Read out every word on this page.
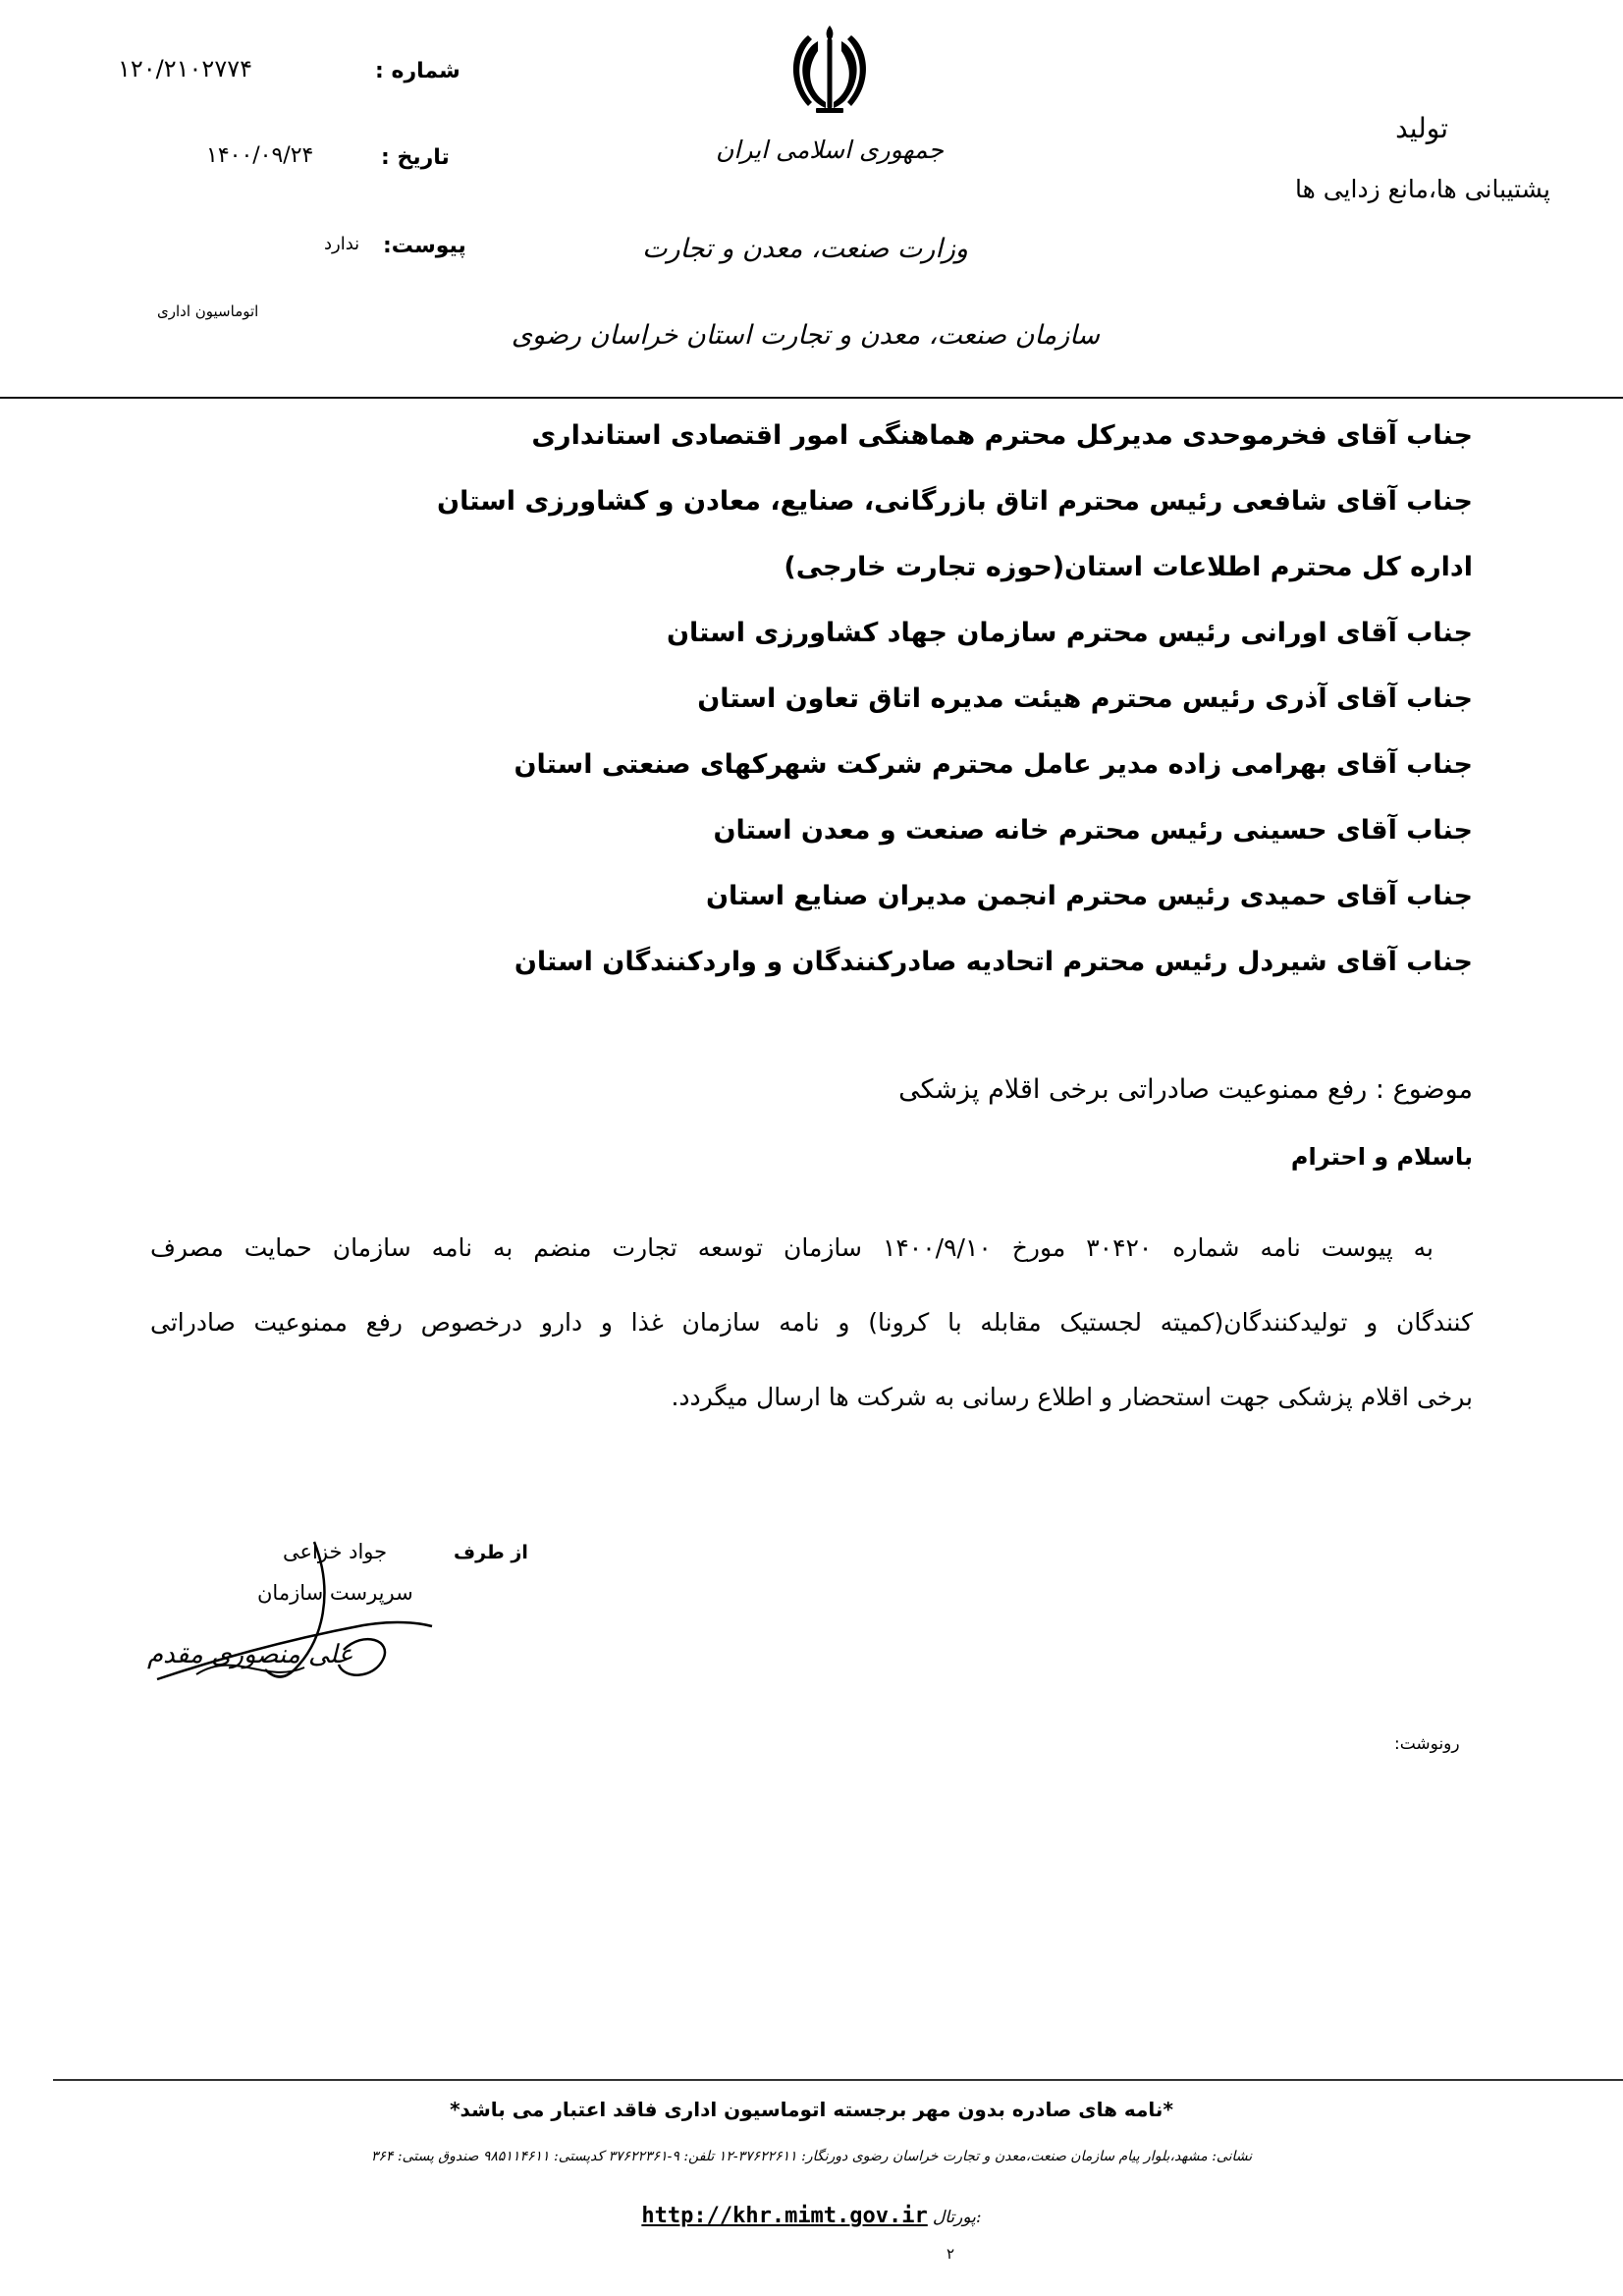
۱۲۰/۲۱۰۲۷۷۴	شماره :
۱۴۰۰/۰۹/۲۴	تاریخ :
ندارد پیوست:
اتوماسیون اداری
جمهوری اسلامی ایران
وزارت صنعت، معدن و تجارت
سازمان صنعت، معدن و تجارت استان خراسان رضوی
تولید
پشتیبانی ها،مانع زدایی ها
جناب آقای فخرموحدی مدیرکل محترم هماهنگی امور اقتصادی استانداری
جناب آقای شافعی رئیس محترم اتاق بازرگانی، صنایع، معادن و کشاورزی استان
اداره کل محترم اطلاعات استان(حوزه تجارت خارجی)
جناب آقای اورانی رئیس محترم سازمان جهاد کشاورزی استان
جناب آقای آذری رئیس محترم هیئت مدیره اتاق تعاون استان
جناب آقای بهرامی زاده مدیر عامل محترم شرکت شهرکهای صنعتی استان
جناب آقای حسینی رئیس محترم خانه صنعت و معدن استان
جناب آقای حمیدی رئیس محترم انجمن مدیران صنایع استان
جناب آقای شیردل رئیس محترم اتحادیه صادرکنندگان و واردکنندگان استان
موضوع : رفع ممنوعیت صادراتی برخی اقلام پزشکی
باسلام و احترام
به پیوست نامه شماره ۳۰۴۲۰ مورخ ۱۴۰۰/۹/۱۰ سازمان توسعه تجارت منضم به نامه سازمان حمایت مصرف
کنندگان و تولیدکنندگان(کمیته لجستیک مقابله با کرونا) و نامه سازمان غذا و دارو درخصوص رفع ممنوعیت صادراتی
برخی اقلام پزشکی جهت استحضار و اطلاع رسانی به شرکت ها ارسال میگردد.
از طرف
جواد خزاعی
سرپرست سازمان
علی منصوری مقدم
رونوشت:
*نامه های صادره بدون مهر برجسته اتوماسیون اداری فاقد اعتبار می باشد*
نشانی: مشهد،بلوار پیام سازمان صنعت،معدن و تجارت خراسان رضوی دورنگار: ۳۷۶۲۲۶۱۱-۱۲ تلفن: ۹-۳۷۶۲۲۳۶۱ کدپستی: ۹۸۵۱۱۴۶۱۱ صندوق پستی: ۳۶۴
http://khr.mimt.gov.ir پورتال:
۲
